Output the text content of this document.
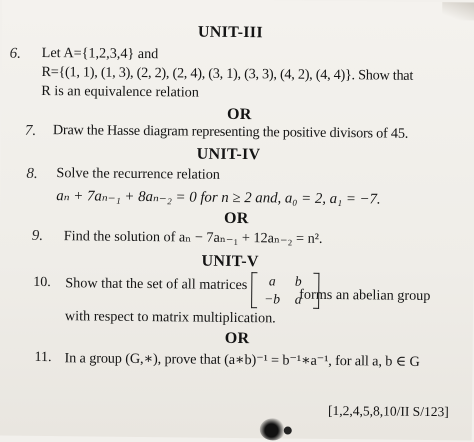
UNIT-III
6. Let A={1,2,3,4} and
R={(1, 1), (1, 3), (2, 2), (2, 4), (3, 1), (3, 3), (4, 2), (4, 4)}. Show that
R is an equivalence relation
OR
7. Draw the Hasse diagram representing the positive divisors of 45.
UNIT-IV
8. Solve the recurrence relation
aₙ + 7aₙ₋₁ + 8aₙ₋₂ = 0 for n ≥ 2 and, a₀ = 2, a₁ = −7.
OR
9. Find the solution of aₙ − 7aₙ₋₁ + 12aₙ₋₂ = n².
UNIT-V
10. Show that the set of all matrices a b
−b a
forms an abelian group
with respect to matrix multiplication.
OR
11. In a group (G,∗), prove that (a∗b)⁻¹ = b⁻¹∗a⁻¹, for all a, b ∈ G
[1,2,4,5,8,10/II S/123]
